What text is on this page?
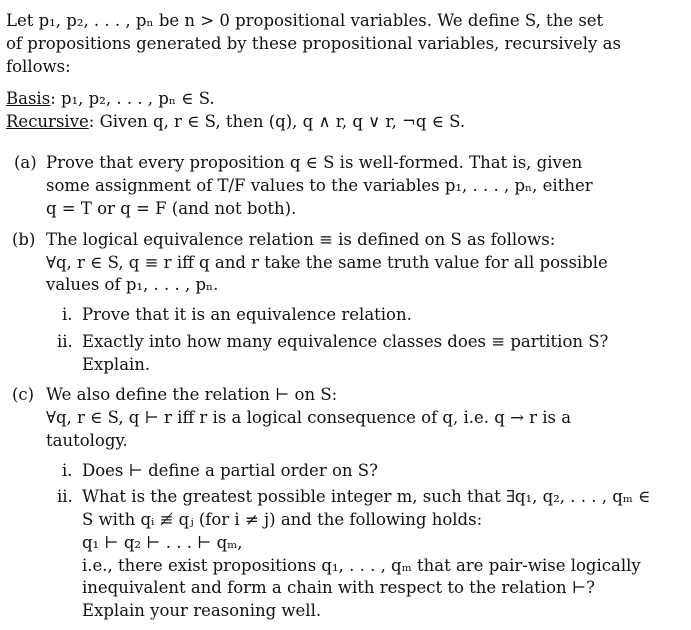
Let p₁, p₂, . . . , pₙ be n > 0 propositional variables. We define S, the set
of propositions generated by these propositional variables, recursively as
follows:
Basis: p₁, p₂, . . . , pₙ ∈ S.
Recursive: Given q, r ∈ S, then (q), q ∧ r, q ∨ r, ¬q ∈ S.
(a) Prove that every proposition q ∈ S is well-formed. That is, given
some assignment of T/F values to the variables p₁, . . . , pₙ, either
q = T or q = F (and not both).
(b) The logical equivalence relation ≡ is defined on S as follows:
∀q, r ∈ S, q ≡ r iff q and r take the same truth value for all possible
values of p₁, . . . , pₙ.
i. Prove that it is an equivalence relation.
ii. Exactly into how many equivalence classes does ≡ partition S?
Explain.
(c) We also define the relation ⊢ on S:
∀q, r ∈ S, q ⊢ r iff r is a logical consequence of q, i.e. q → r is a
tautology.
i. Does ⊢ define a partial order on S?
ii. What is the greatest possible integer m, such that ∃q₁, q₂, . . . , qₘ ∈
S with qᵢ ≢ qⱼ (for i ≠ j) and the following holds:
q₁ ⊢ q₂ ⊢ . . . ⊢ qₘ,
i.e., there exist propositions q₁, . . . , qₘ that are pair-wise logically
inequivalent and form a chain with respect to the relation ⊢?
Explain your reasoning well.
